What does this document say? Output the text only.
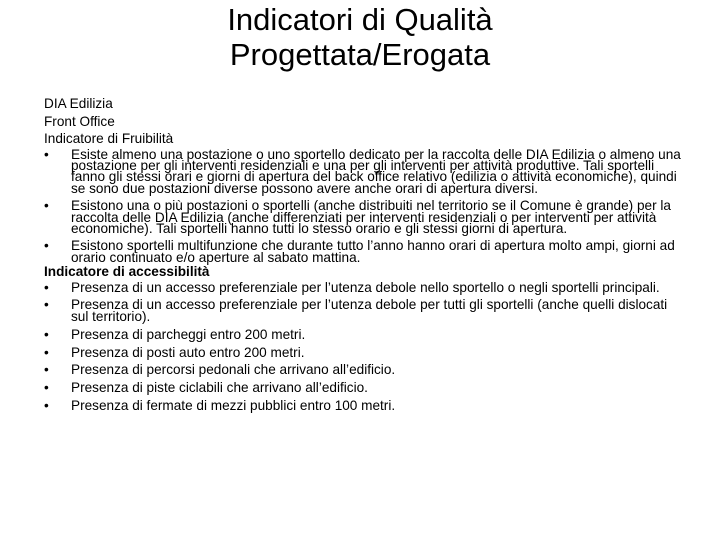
Indicatori di Qualità
Progettata/Erogata
DIA Edilizia
Front Office
Indicatore di Fruibilità
• Esiste almeno una postazione o uno sportello dedicato per la raccolta delle DIA Edilizia o almeno una postazione per gli interventi residenziali e una per gli interventi per attività produttive. Tali sportelli fanno gli stessi orari e giorni di apertura del back office relativo (edilizia o attività economiche), quindi se sono due postazioni diverse possono avere anche orari di apertura diversi.
• Esistono una o più postazioni o sportelli (anche distribuiti nel territorio se il Comune è grande) per la raccolta delle DIA Edilizia (anche differenziati per interventi residenziali o per interventi per attività economiche). Tali sportelli hanno tutti lo stesso orario e gli stessi giorni di apertura.
• Esistono sportelli multifunzione che durante tutto l’anno hanno orari di apertura molto ampi, giorni ad orario continuato e/o aperture al sabato mattina.
Indicatore di accessibilità
• Presenza di un accesso preferenziale per l’utenza debole nello sportello o negli sportelli principali.
• Presenza di un accesso preferenziale per l’utenza debole per tutti gli sportelli (anche quelli dislocati sul territorio).
• Presenza di parcheggi entro 200 metri.
• Presenza di posti auto entro 200 metri.
• Presenza di percorsi pedonali che arrivano all’edificio.
• Presenza di piste ciclabili che arrivano all’edificio.
• Presenza di fermate di mezzi pubblici entro 100 metri.
